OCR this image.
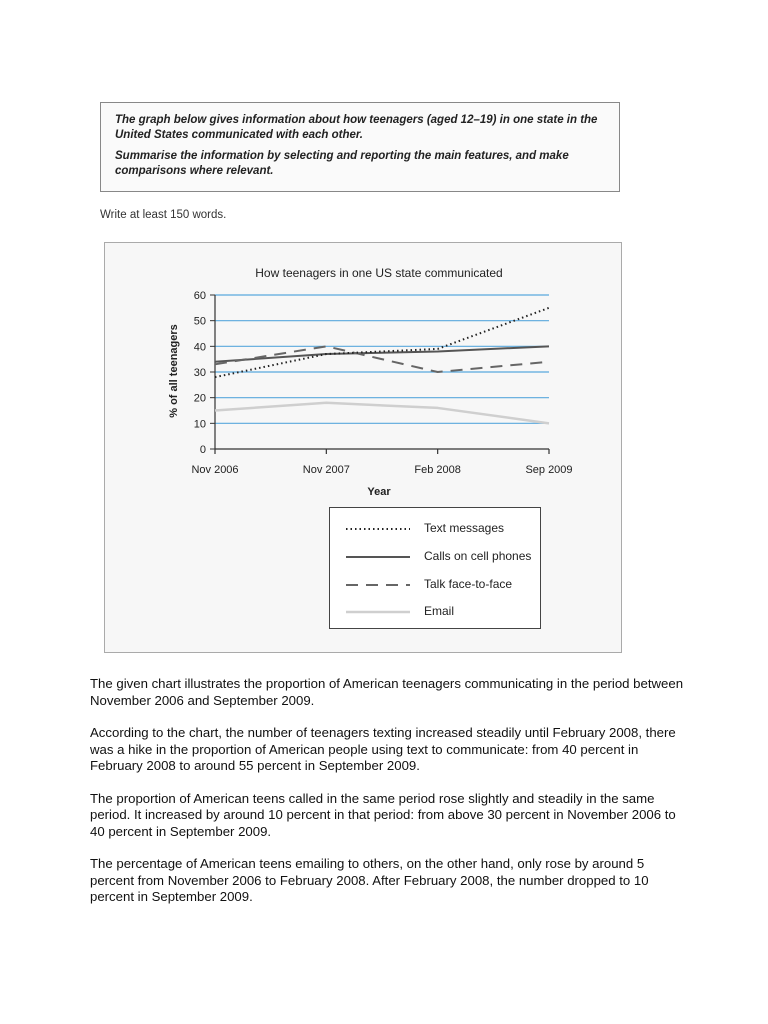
The graph below gives information about how teenagers (aged 12–19) in one state in the United States communicated with each other.

Summarise the information by selecting and reporting the main features, and make comparisons where relevant.

Write at least 150 words.
How teenagers in one US state communicated
% of all teenagers
Year
0
10
20
30
40
50
60
Nov 2006	Nov 2007	Feb 2008	Sep 2009
Text messages
Calls on cell phones
Talk face-to-face
Email

The given chart illustrates the proportion of American teenagers communicating in the period between November 2006 and September 2009.

According to the chart, the number of teenagers texting increased steadily until February 2008, there was a hike in the proportion of American people using text to communicate: from 40 percent in February 2008 to around 55 percent in September 2009.

The proportion of American teens called in the same period rose slightly and steadily in the same period. It increased by around 10 percent in that period: from above 30 percent in November 2006 to 40 percent in September 2009.

The percentage of American teens emailing to others, on the other hand, only rose by around 5 percent from November 2006 to February 2008. After February 2008, the number dropped to 10 percent in September 2009.
